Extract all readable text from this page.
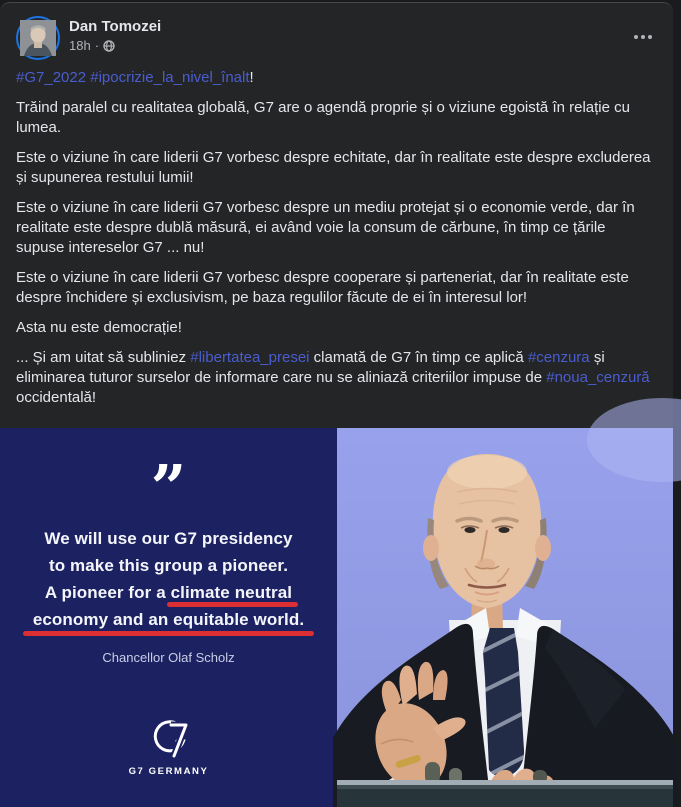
Dan Tomozei
18h ·

#G7_2022 #ipocrizie_la_nivel_înalt!

Trăind paralel cu realitatea globală, G7 are o agendă proprie și o viziune egoistă în relație cu lumea.

Este o viziune în care liderii G7 vorbesc despre echitate, dar în realitate este despre excluderea și supunerea restului lumii!

Este o viziune în care liderii G7 vorbesc despre un mediu protejat și o economie verde, dar în realitate este despre dublă măsură, ei având voie la consum de cărbune, în timp ce țările supuse intereselor G7 ... nu!

Este o viziune în care liderii G7 vorbesc despre cooperare și parteneriat, dar în realitate este despre închidere și exclusivism, pe baza regulilor făcute de ei în interesul lor!

Asta nu este democrație!

... Și am uitat să subliniez #libertatea_presei clamată de G7 în timp ce aplică #cenzura și eliminarea tuturor surselor de informare care nu se aliniază criteriilor impuse de #noua_cenzură occidentală!

”
We will use our G7 presidency
to make this group a pioneer.
A pioneer for a climate neutral
economy and an equitable world.
Chancellor Olaf Scholz
G7 GERMANY
